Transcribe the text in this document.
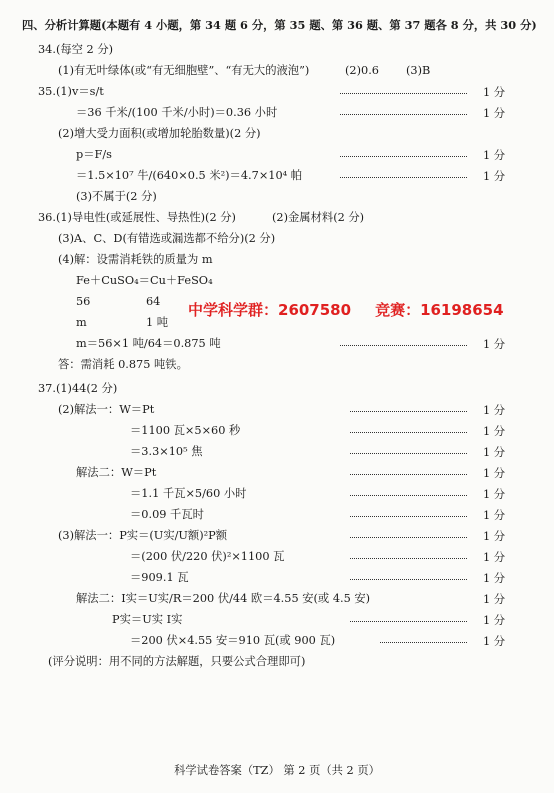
四、分析计算题(本题有 4 小题，第 34 题 6 分，第 35 题、第 36 题、第 37 题各 8 分，共 30 分)
34.(每空 2 分)
(1)有无叶绿体(或“有无细胞壁”、“有无大的液泡”)	(2)0.6 (3)B
35.(1)v＝s/t	1 分
＝36 千米/(100 千米/小时)＝0.36 小时	1 分
(2)增大受力面积(或增加轮胎数量)(2 分)
p＝F/s	1 分
＝1.5×10⁷ 牛/(640×0.5 米²)＝4.7×10⁴ 帕	1 分
(3)不属于(2 分)
36.(1)导电性(或延展性、导热性)(2 分)	(2)金属材料(2 分)
(3)A、C、D(有错选或漏选都不给分)(2 分)
(4)解：设需消耗铁的质量为 m
Fe＋CuSO₄＝Cu＋FeSO₄
56	64
m	1 吨
中学科学群：2607580 竞赛：16198654
m＝56×1 吨/64＝0.875 吨	1 分
答：需消耗 0.875 吨铁。
37.(1)44(2 分)
(2)解法一：W＝Pt	1 分
＝1100 瓦×5×60 秒	1 分
＝3.3×10⁵ 焦	1 分
解法二：W＝Pt	1 分
＝1.1 千瓦×5/60 小时	1 分
＝0.09 千瓦时	1 分
(3)解法一：P实＝(U实/U额)²P额	1 分
＝(200 伏/220 伏)²×1100 瓦	1 分
＝909.1 瓦	1 分
解法二：I实＝U实/R＝200 伏/44 欧＝4.55 安(或 4.5 安)	1 分
P实＝U实 I实	1 分
＝200 伏×4.55 安＝910 瓦(或 900 瓦)	1 分
(评分说明：用不同的方法解题，只要公式合理即可)
科学试卷答案（TZ） 第 2 页（共 2 页）
